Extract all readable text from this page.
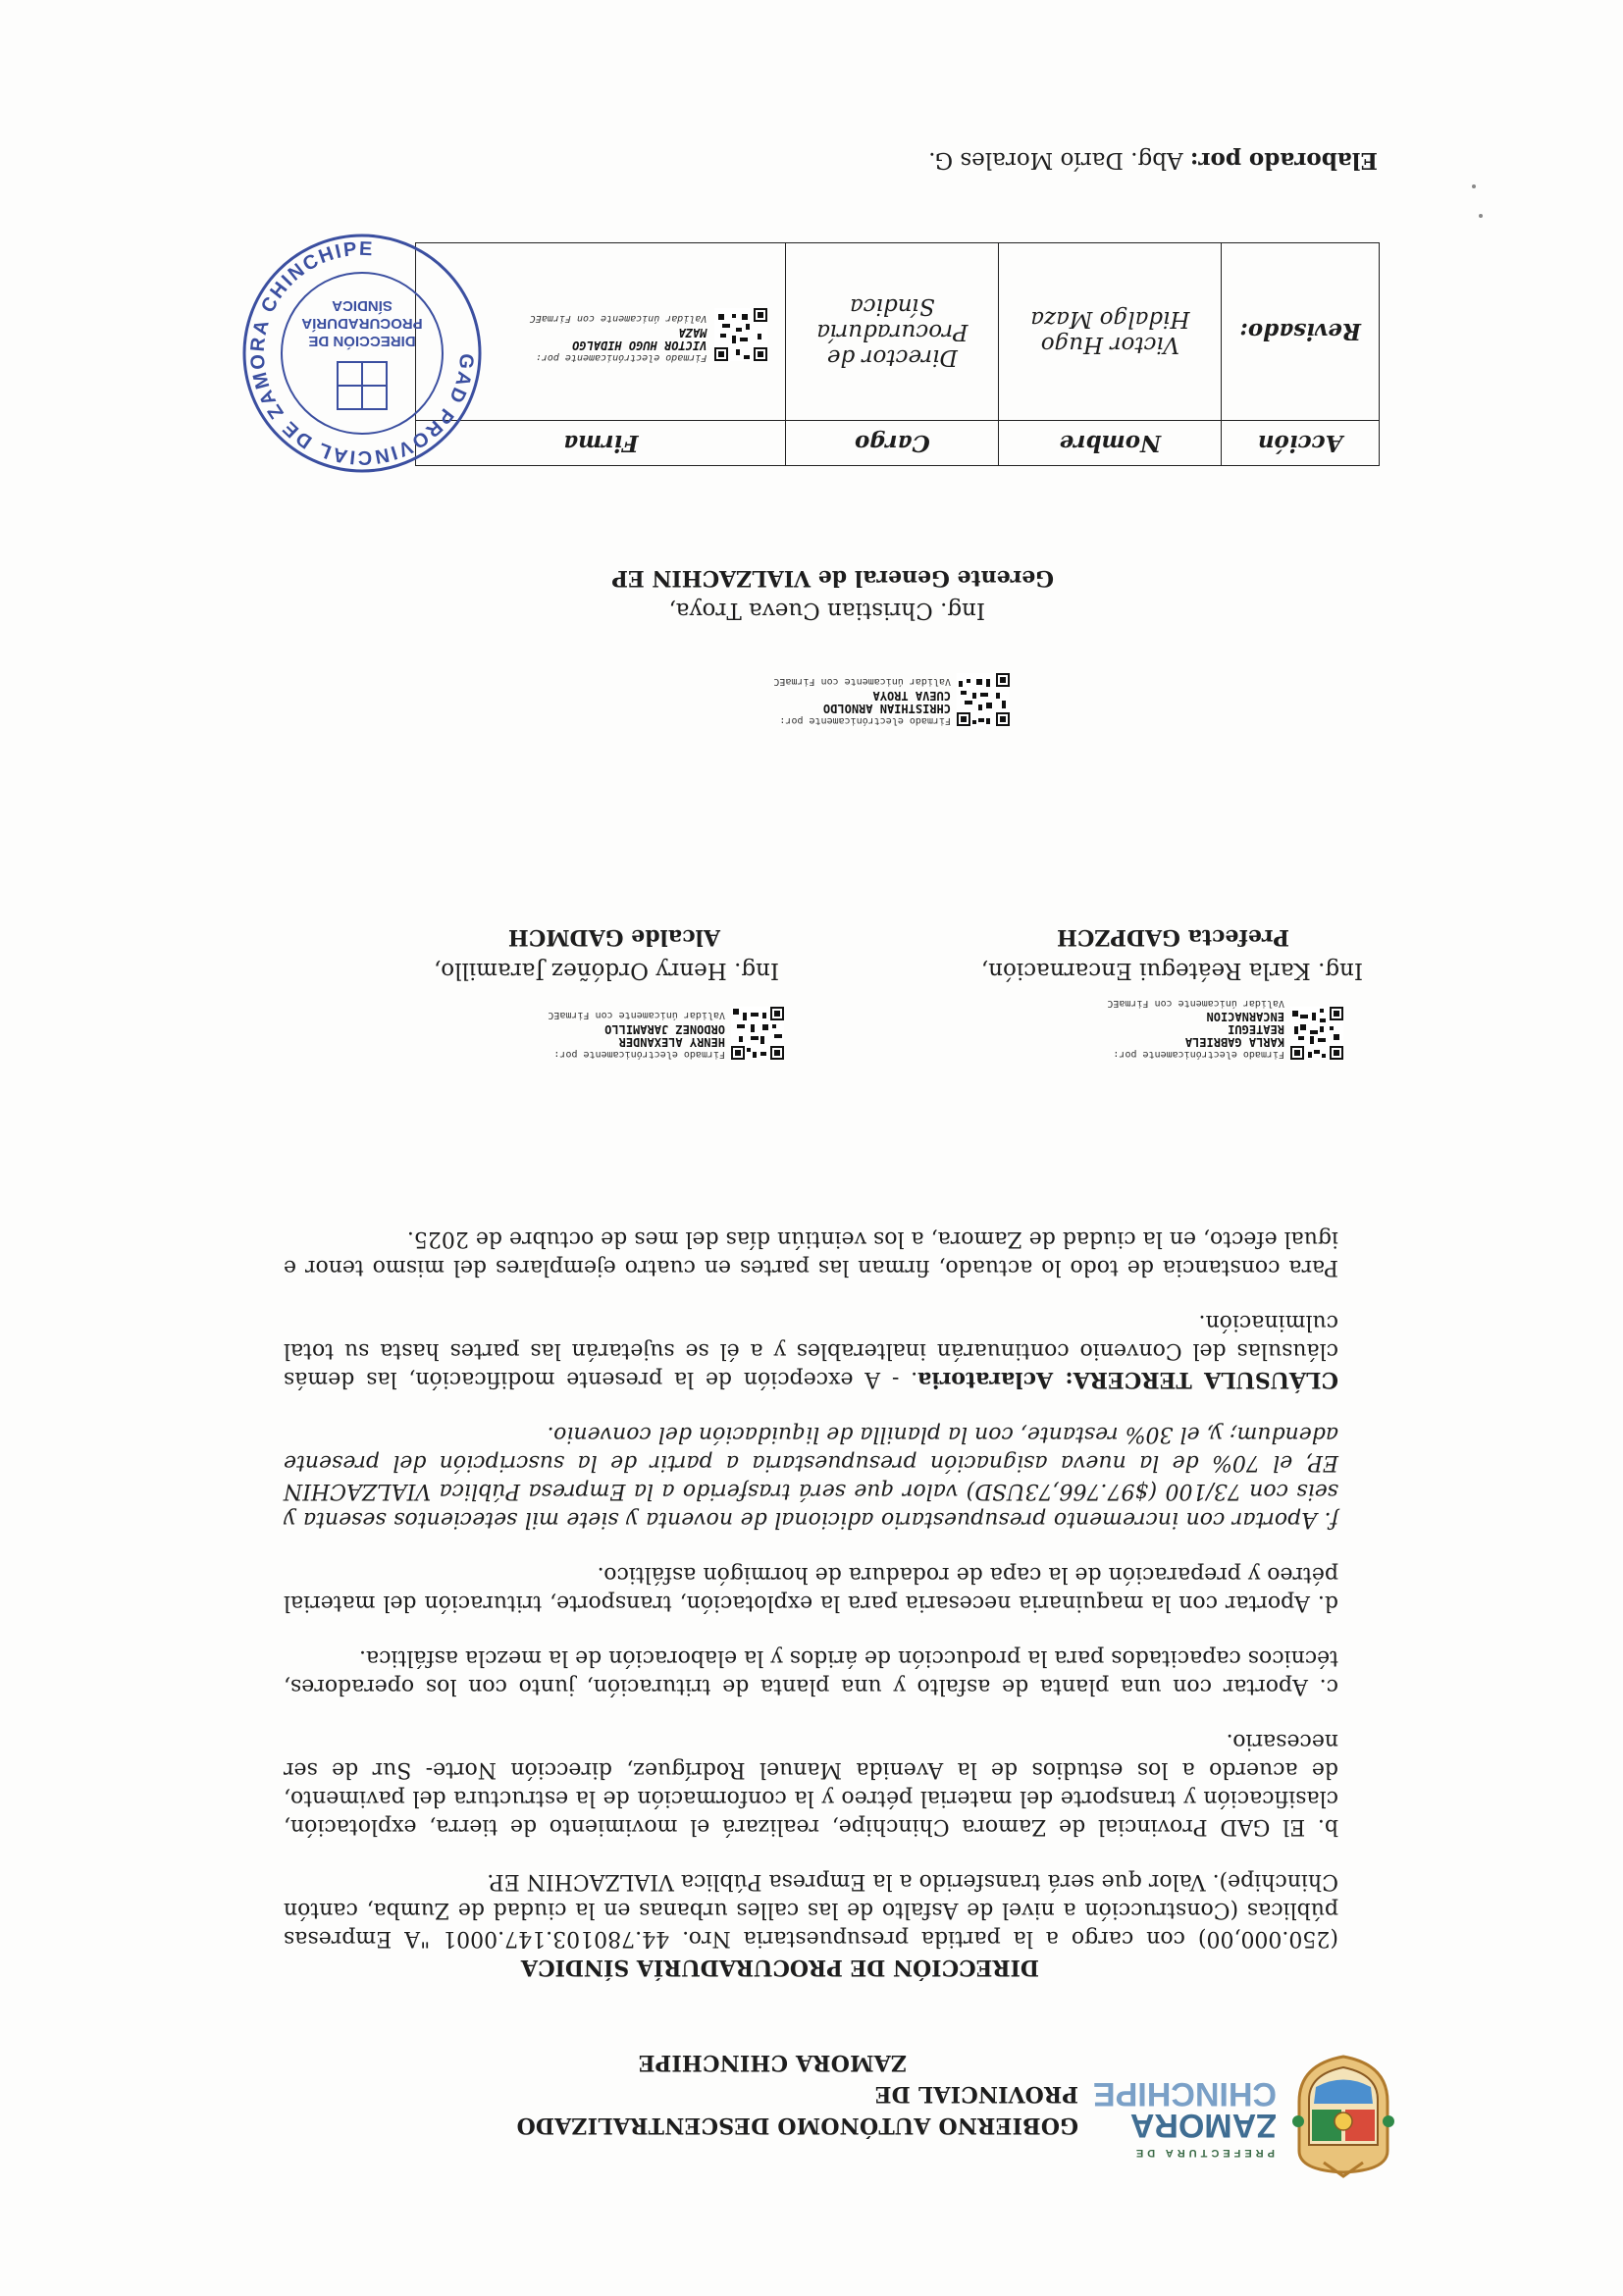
PREFECTURA DE
ZAMORA
CHINCHIPE
GOBIERNO AUTÓNOMO DESCENTRALIZADO PROVINCIAL DE
ZAMORA CHINCHIPE
DIRECCIÓN DE PROCURADURÍA SÍNDICA

(250.000,00) con cargo a la partida presupuestaria Nro. 44.780103.147.0001 "A Empresas públicas (Construcción a nivel de Asfalto de las calles urbanas en la ciudad de Zumba, cantón Chinchipe). Valor que será transferido a la Empresa Pública VIALZACHIN EP.

b. El GAD Provincial de Zamora Chinchipe, realizará el movimiento de tierra, explotación, clasificación y transporte del material pétreo y la conformación de la estructura del pavimento, de acuerdo a los estudios de la Avenida Manuel Rodríguez, dirección Norte- Sur de ser necesario.

c. Aportar con una planta de asfalto y una planta de trituración, junto con los operadores, técnicos capacitados para la producción de áridos y la elaboración de la mezcla asfáltica.

d. Aportar con la maquinaria necesaria para la explotación, transporte, trituración del material pétreo y preparación de la capa de rodadura de hormigón asfáltico.

f. Aportar con incremento presupuestario adicional de noventa y siete mil setecientos sesenta y seis con 73/100 ($97.766,73USD) valor que será trasferido a la Empresa Pública VIALZACHIN EP, el 70% de la nueva asignación presupuestaria a partir de la suscripción del presente adendum; y, el 30% restante, con la planilla de liquidación del convenio.

CLÁUSULA TERCERA: Aclaratoria. - A excepción de la presente modificación, las demás cláusulas del Convenio continuarán inalterables y a él se sujetarán las partes hasta su total culminación.

Para constancia de todo lo actuado, firman las partes en cuatro ejemplares del mismo tenor e igual efecto, en la ciudad de Zamora, a los veintiún días del mes de octubre de 2025.

Firmado electrónicamente por:
KARLA GABRIELA
REATEGUI
ENCARNACION
Validar únicamente con FirmaEC
Ing. Karla Reátegui Encarnación,
Prefecta GADPZCH
Firmado electrónicamente por:
HENRY ALEXANDER
ORDONEZ JARAMILLO
Validar únicamente con FirmaEC
Ing. Henry Ordóñez Jaramillo,
Alcalde GADMCH
Firmado electrónicamente por:
CHRISTHIAN ARNOLDO
CUEVA TROYA
Validar únicamente con FirmaEC
Ing. Christian Cueva Troya,
Gerente General de VIALZACHIN EP
Acción	Nombre	Cargo	Firma
Revisado:	Victor Hugo Hidalgo Maza	Director de Procuraduría Síndica	Firmado electrónicamente por:
VICTOR HUGO HIDALGO
MAZA
Validar únicamente con FirmaEC
GAD PROVINCIAL DE ZAMORA CHINCHIPE
DIRECCIÓN DE
PROCURADURÍA
SÍNDICA
Elaborado por: Abg. Darío Morales G.
